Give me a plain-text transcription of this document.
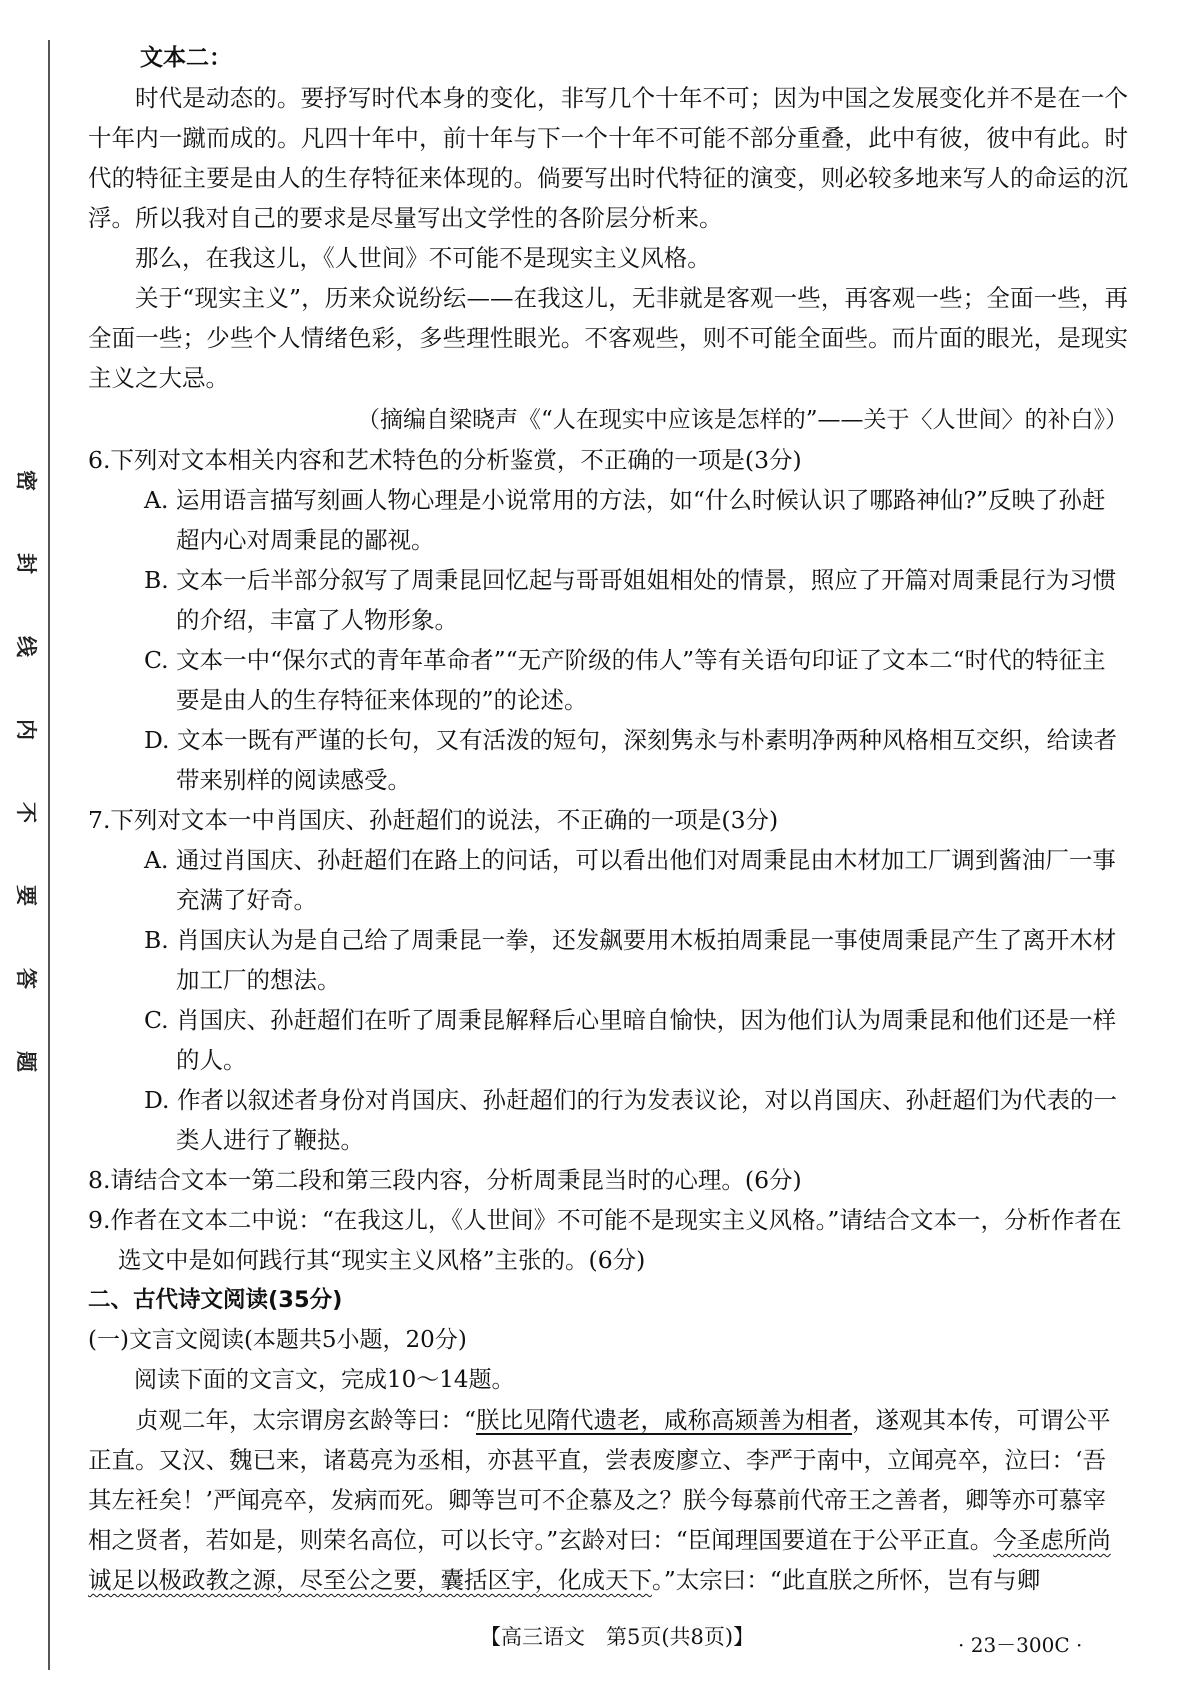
密
封
线
内
不
要
答
题
文本二：

时代是动态的。要抒写时代本身的变化，非写几个十年不可；因为中国之发展变化并不是在一个十年内一蹴而成的。凡四十年中，前十年与下一个十年不可能不部分重叠，此中有彼，彼中有此。时代的特征主要是由人的生存特征来体现的。倘要写出时代特征的演变，则必较多地来写人的命运的沉浮。所以我对自己的要求是尽量写出文学性的各阶层分析来。

那么，在我这儿，《人世间》不可能不是现实主义风格。

关于“现实主义”，历来众说纷纭——在我这儿，无非就是客观一些，再客观一些；全面一些，再全面一些；少些个人情绪色彩，多些理性眼光。不客观些，则不可能全面些。而片面的眼光，是现实主义之大忌。

（摘编自梁晓声《“人在现实中应该是怎样的”——关于〈人世间〉的补白》）

6.下列对文本相关内容和艺术特色的分析鉴赏，不正确的一项是(3分)

A. 运用语言描写刻画人物心理是小说常用的方法，如“什么时候认识了哪路神仙?”反映了孙赶超内心对周秉昆的鄙视。

B. 文本一后半部分叙写了周秉昆回忆起与哥哥姐姐相处的情景，照应了开篇对周秉昆行为习惯的介绍，丰富了人物形象。

C. 文本一中“保尔式的青年革命者”“无产阶级的伟人”等有关语句印证了文本二“时代的特征主要是由人的生存特征来体现的”的论述。

D. 文本一既有严谨的长句，又有活泼的短句，深刻隽永与朴素明净两种风格相互交织，给读者带来别样的阅读感受。

7.下列对文本一中肖国庆、孙赶超们的说法，不正确的一项是(3分)

A. 通过肖国庆、孙赶超们在路上的问话，可以看出他们对周秉昆由木材加工厂调到酱油厂一事充满了好奇。

B. 肖国庆认为是自己给了周秉昆一拳，还发飙要用木板拍周秉昆一事使周秉昆产生了离开木材加工厂的想法。

C. 肖国庆、孙赶超们在听了周秉昆解释后心里暗自愉快，因为他们认为周秉昆和他们还是一样的人。

D. 作者以叙述者身份对肖国庆、孙赶超们的行为发表议论，对以肖国庆、孙赶超们为代表的一类人进行了鞭挞。

8.请结合文本一第二段和第三段内容，分析周秉昆当时的心理。(6分)

9.作者在文本二中说：“在我这儿，《人世间》不可能不是现实主义风格。”请结合文本一，分析作者在选文中是如何践行其“现实主义风格”主张的。(6分)

二、古代诗文阅读(35分)

(一)文言文阅读(本题共5小题，20分)

阅读下面的文言文，完成10～14题。

贞观二年，太宗谓房玄龄等曰：“朕比见隋代遗老，咸称高颎善为相者，遂观其本传，可谓公平正直。又汉、魏已来，诸葛亮为丞相，亦甚平直，尝表废廖立、李严于南中，立闻亮卒，泣曰：‘吾其左衽矣！’严闻亮卒，发病而死。卿等岂可不企慕及之？朕今每慕前代帝王之善者，卿等亦可慕宰相之贤者，若如是，则荣名高位，可以长守。”玄龄对曰：“臣闻理国要道在于公平正直。今圣虑所尚诚足以极政教之源，尽至公之要，囊括区宇，化成天下。”太宗曰：“此直朕之所怀，岂有与卿

【高三语文　第5页(共8页)】	· 23－300C ·
